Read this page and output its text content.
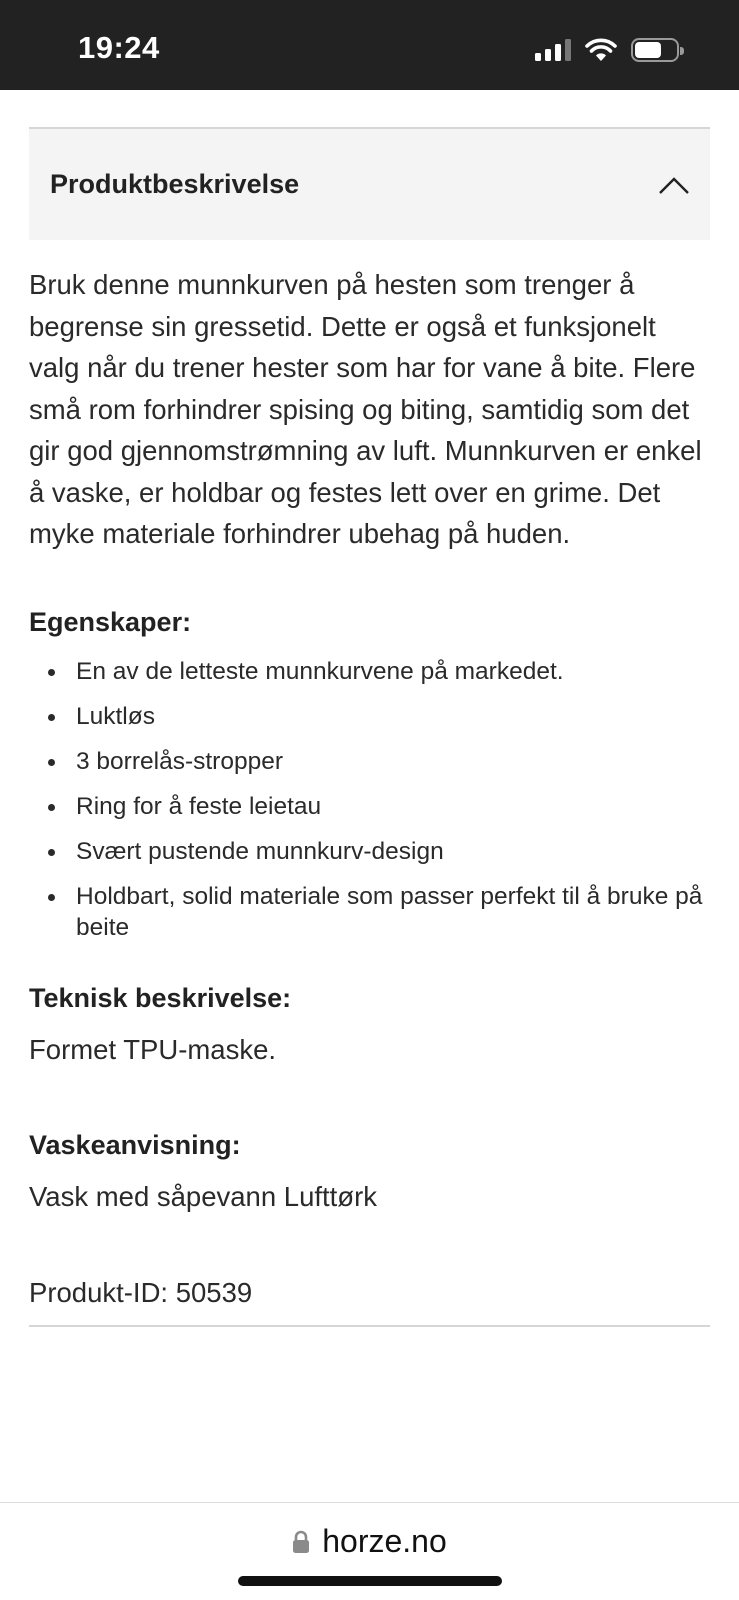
19:24
Produktbeskrivelse

Bruk denne munnkurven på hesten som trenger å begrense sin gressetid. Dette er også et funksjonelt valg når du trener hester som har for vane å bite. Flere små rom forhindrer spising og biting, samtidig som det gir god gjennomstrømning av luft. Munnkurven er enkel å vaske, er holdbar og festes lett over en grime. Det myke materiale forhindrer ubehag på huden.

Egenskaper:
En av de letteste munnkurvene på markedet.
Luktløs
3 borrelås-stropper
Ring for å feste leietau
Svært pustende munnkurv-design
Holdbart, solid materiale som passer perfekt til å bruke på beite
Teknisk beskrivelse:

Formet TPU-maske.

Vaskeanvisning:

Vask med såpevann Lufttørk

Produkt-ID: 50539

horze.no
